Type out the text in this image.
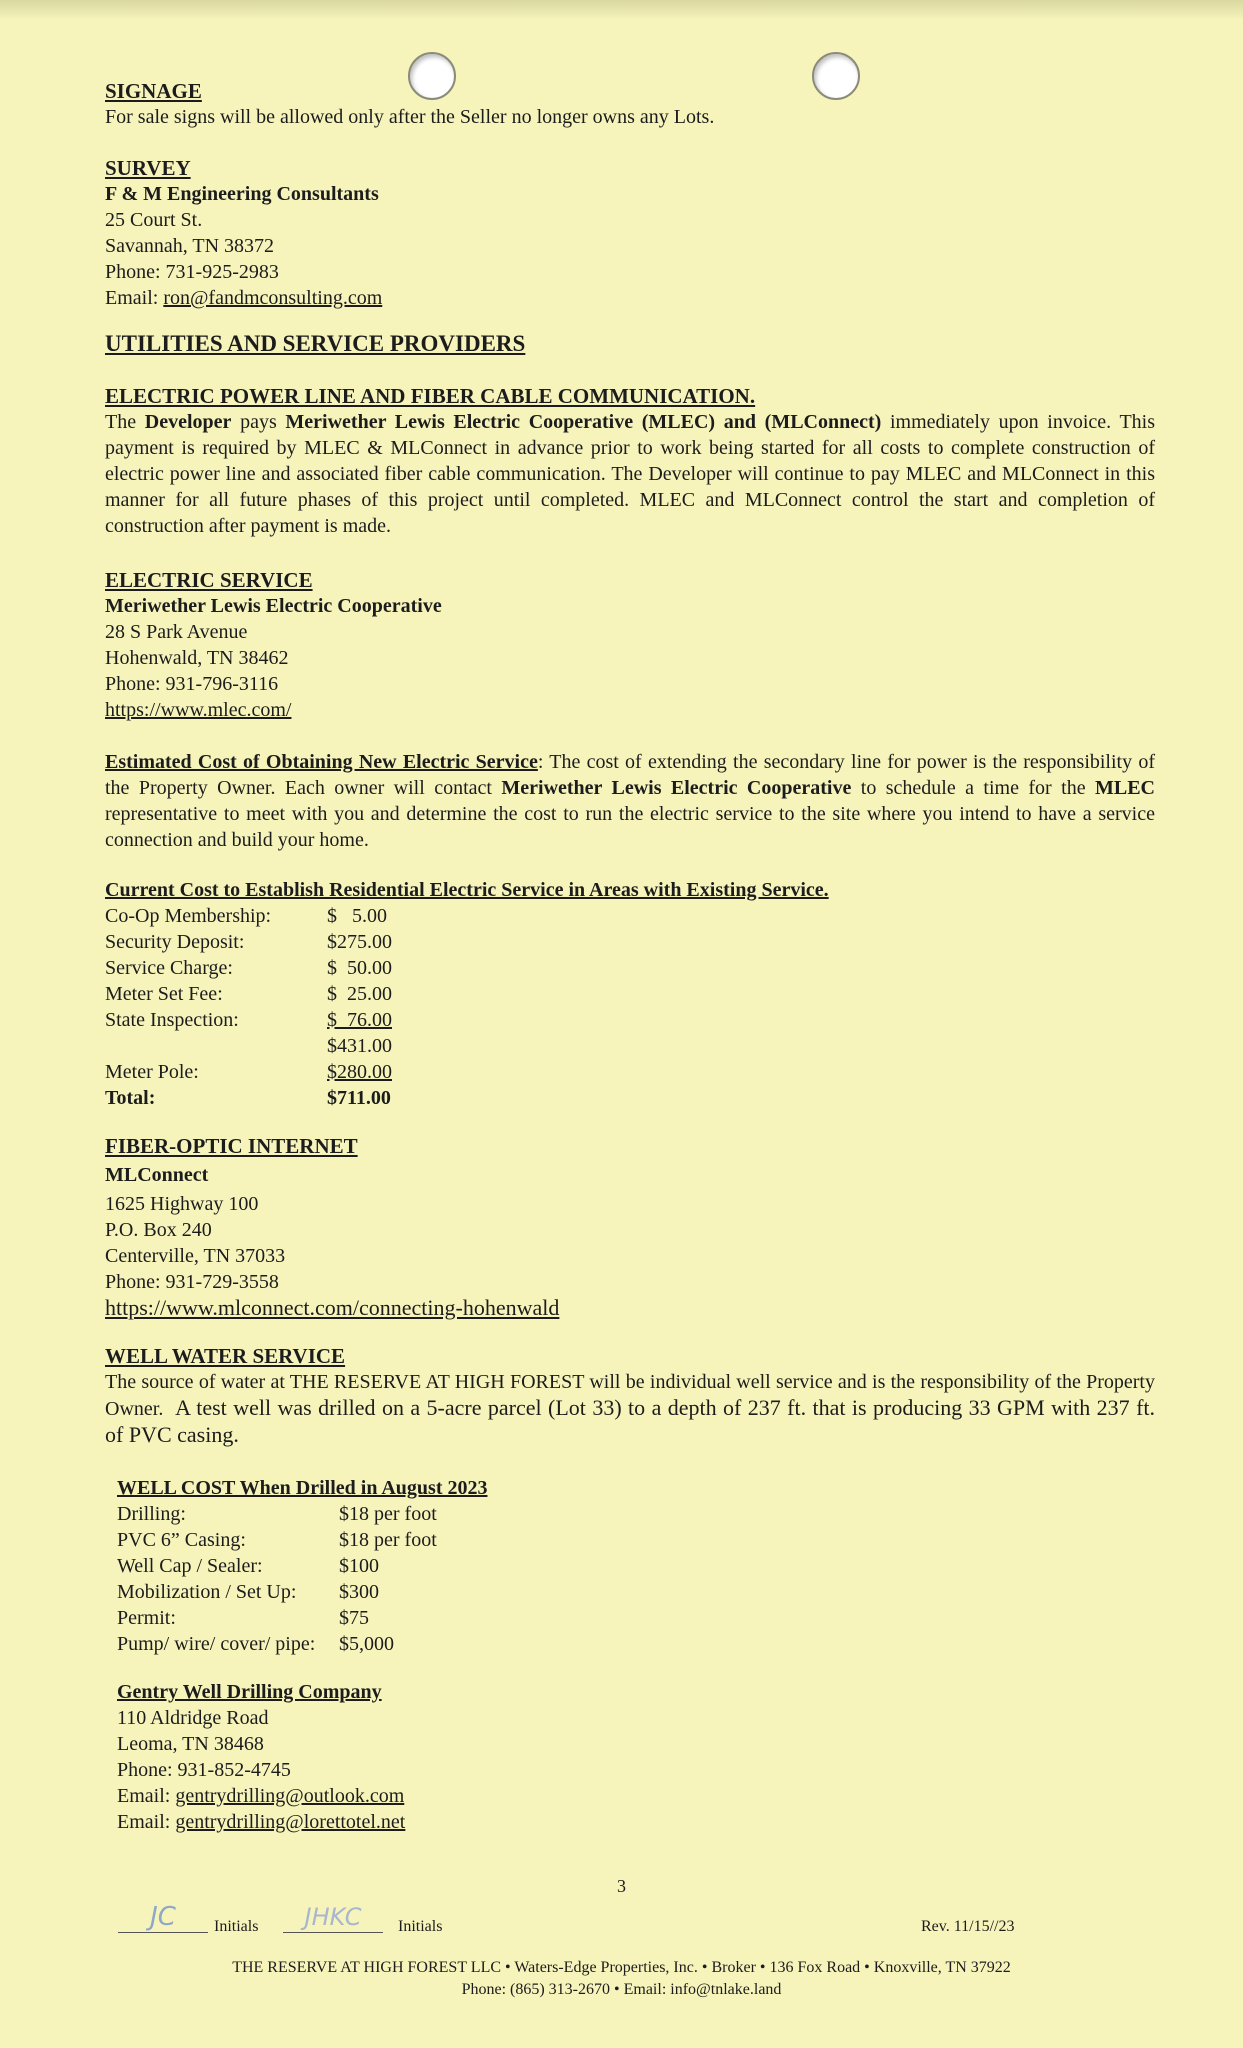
SIGNAGE

For sale signs will be allowed only after the Seller no longer owns any Lots.

SURVEY

F & M Engineering Consultants

25 Court St.

Savannah, TN 38372

Phone: 731-925-2983

Email: ron@fandmconsulting.com

UTILITIES AND SERVICE PROVIDERS

ELECTRIC POWER LINE AND FIBER CABLE COMMUNICATION.

The Developer pays Meriwether Lewis Electric Cooperative (MLEC) and (MLConnect) immediately upon invoice. This payment is required by MLEC & MLConnect in advance prior to work being started for all costs to complete construction of electric power line and associated fiber cable communication. The Developer will continue to pay MLEC and MLConnect in this manner for all future phases of this project until completed. MLEC and MLConnect control the start and completion of construction after payment is made.

ELECTRIC SERVICE

Meriwether Lewis Electric Cooperative

28 S Park Avenue

Hohenwald, TN 38462

Phone: 931-796-3116

https://www.mlec.com/

Estimated Cost of Obtaining New Electric Service: The cost of extending the secondary line for power is the responsibility of the Property Owner. Each owner will contact Meriwether Lewis Electric Cooperative to schedule a time for the MLEC representative to meet with you and determine the cost to run the electric service to the site where you intend to have a service connection and build your home.

Current Cost to Establish Residential Electric Service in Areas with Existing Service.

Co-Op Membership:	$   5.00
Security Deposit:	$275.00
Service Charge:	$  50.00
Meter Set Fee:	$  25.00
State Inspection:	$  76.00
	$431.00
Meter Pole:	$280.00
Total:	$711.00

FIBER-OPTIC INTERNET

MLConnect

1625 Highway 100

P.O. Box 240

Centerville, TN 37033

Phone: 931-729-3558

https://www.mlconnect.com/connecting-hohenwald

WELL WATER SERVICE

The source of water at THE RESERVE AT HIGH FOREST will be individual well service and is the responsibility of the Property Owner. A test well was drilled on a 5-acre parcel (Lot 33) to a depth of 237 ft. that is producing 33 GPM with 237 ft. of PVC casing.

WELL COST When Drilled in August 2023

Drilling:	$18 per foot
PVC 6” Casing:	$18 per foot
Well Cap / Sealer:	$100
Mobilization / Set Up:	$300
Permit:	$75
Pump/ wire/ cover/ pipe:	$5,000

Gentry Well Drilling Company

110 Aldridge Road

Leoma, TN 38468

Phone: 931-852-4745

Email: gentrydrilling@outlook.com

Email: gentrydrilling@lorettotel.net

3
JC	Initials	JHKC	Initials	Rev. 11/15//23
THE RESERVE AT HIGH FOREST LLC • Waters-Edge Properties, Inc. • Broker • 136 Fox Road • Knoxville, TN 37922
Phone: (865) 313-2670 • Email: info@tnlake.land
